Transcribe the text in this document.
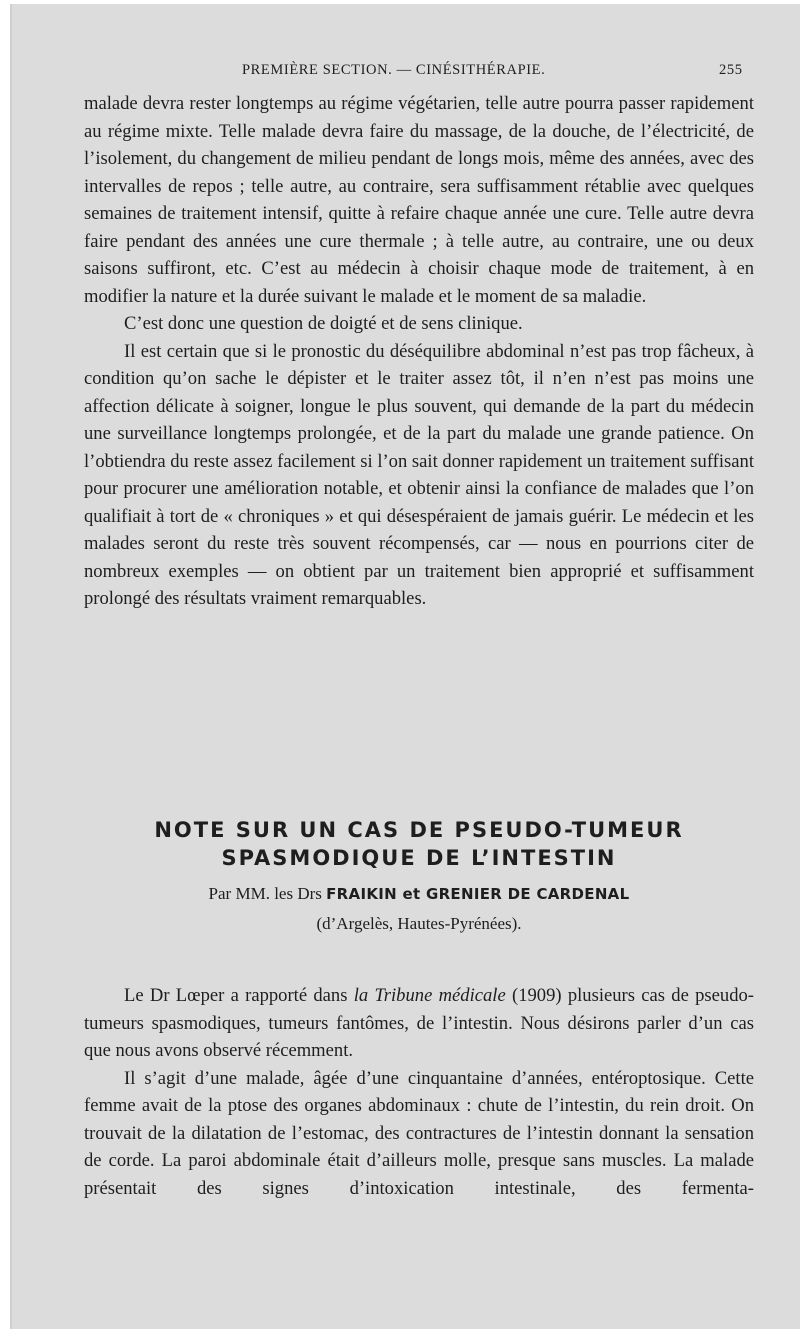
PREMIÈRE SECTION. — CINÉSITHÉRAPIE.	255

malade devra rester longtemps au régime végétarien, telle autre pourra passer rapidement au régime mixte. Telle malade devra faire du massage, de la douche, de l’électricité, de l’isolement, du changement de milieu pendant de longs mois, même des années, avec des intervalles de repos ; telle autre, au contraire, sera suffisamment rétablie avec quelques semaines de traitement intensif, quitte à refaire chaque année une cure. Telle autre devra faire pendant des années une cure thermale ; à telle autre, au contraire, une ou deux saisons suffiront, etc. C’est au médecin à choisir chaque mode de traitement, à en modifier la nature et la durée suivant le malade et le moment de sa maladie.

C’est donc une question de doigté et de sens clinique.

Il est certain que si le pronostic du déséquilibre abdominal n’est pas trop fâcheux, à condition qu’on sache le dépister et le traiter assez tôt, il n’en n’est pas moins une affection délicate à soigner, longue le plus souvent, qui demande de la part du médecin une surveillance longtemps prolongée, et de la part du malade une grande patience. On l’obtiendra du reste assez facilement si l’on sait donner rapidement un traitement suffisant pour procurer une amélioration notable, et obtenir ainsi la confiance de malades que l’on qualifiait à tort de « chroniques » et qui désespéraient de jamais guérir. Le médecin et les malades seront du reste très souvent récompensés, car — nous en pourrions citer de nombreux exemples — on obtient par un traitement bien approprié et suffisamment prolongé des résultats vraiment remarquables.

NOTE SUR UN CAS DE PSEUDO-TUMEUR

SPASMODIQUE DE L’INTESTIN

Par MM. les Drs FRAIKIN et GRENIER DE CARDENAL

(d’Argelès, Hautes-Pyrénées).

Le Dr Lœper a rapporté dans la Tribune médicale (1909) plusieurs cas de pseudo-tumeurs spasmodiques, tumeurs fantômes, de l’intestin. Nous désirons parler d’un cas que nous avons observé récemment.

Il s’agit d’une malade, âgée d’une cinquantaine d’années, entéroptosique. Cette femme avait de la ptose des organes abdominaux : chute de l’intestin, du rein droit. On trouvait de la dilatation de l’estomac, des contractures de l’intestin donnant la sensation de corde. La paroi abdominale était d’ailleurs molle, presque sans muscles. La malade présentait des signes d’intoxication intestinale, des fermenta-
